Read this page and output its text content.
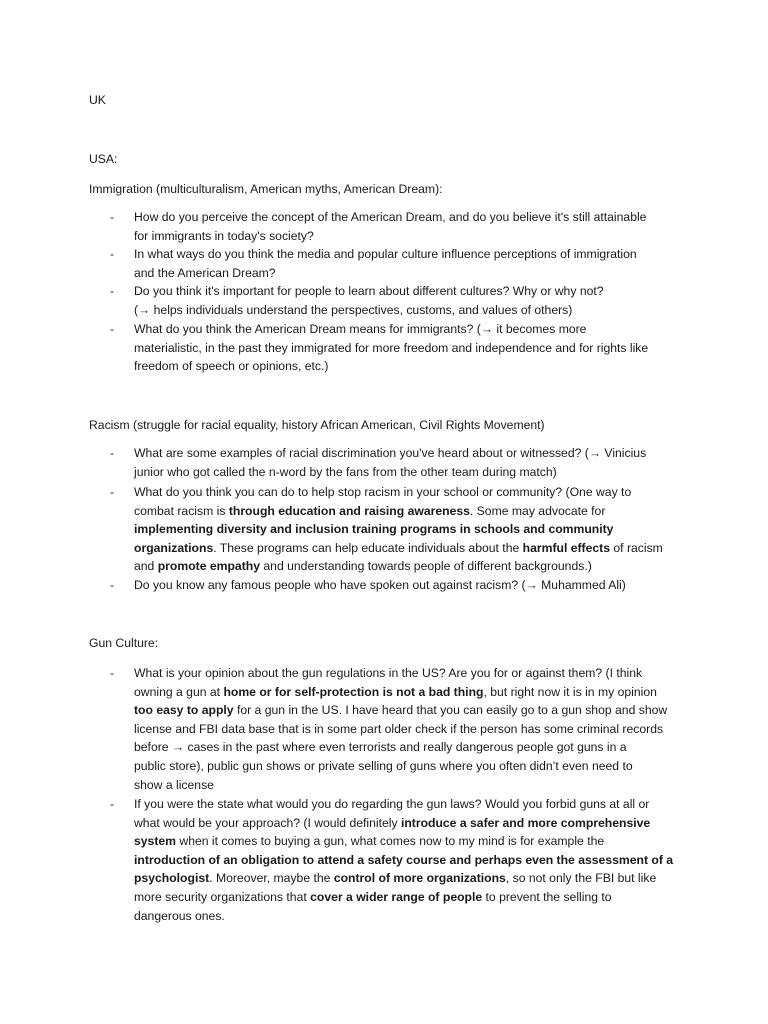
UK
USA:
Immigration (multiculturalism, American myths, American Dream):
- How do you perceive the concept of the American Dream, and do you believe it's still attainable
for immigrants in today's society?
- In what ways do you think the media and popular culture influence perceptions of immigration
and the American Dream?
- Do you think it's important for people to learn about different cultures? Why or why not?
(→ helps individuals understand the perspectives, customs, and values of others)
- What do you think the American Dream means for immigrants? (→ it becomes more
materialistic, in the past they immigrated for more freedom and independence and for rights like
freedom of speech or opinions, etc.)
Racism (struggle for racial equality, history African American, Civil Rights Movement)
- What are some examples of racial discrimination you've heard about or witnessed? (→ Vinicius
junior who got called the n-word by the fans from the other team during match)
- What do you think you can do to help stop racism in your school or community? (One way to
combat racism is through education and raising awareness. Some may advocate for
implementing diversity and inclusion training programs in schools and community
organizations. These programs can help educate individuals about the harmful effects of racism
and promote empathy and understanding towards people of different backgrounds.)
- Do you know any famous people who have spoken out against racism? (→ Muhammed Ali)
Gun Culture:
- What is your opinion about the gun regulations in the US? Are you for or against them? (I think
owning a gun at home or for self-protection is not a bad thing, but right now it is in my opinion
too easy to apply for a gun in the US. I have heard that you can easily go to a gun shop and show
license and FBI data base that is in some part older check if the person has some criminal records
before → cases in the past where even terrorists and really dangerous people got guns in a
public store), public gun shows or private selling of guns where you often didn’t even need to
show a license
- If you were the state what would you do regarding the gun laws? Would you forbid guns at all or
what would be your approach? (I would definitely introduce a safer and more comprehensive
system when it comes to buying a gun, what comes now to my mind is for example the
introduction of an obligation to attend a safety course and perhaps even the assessment of a
psychologist. Moreover, maybe the control of more organizations, so not only the FBI but like
more security organizations that cover a wider range of people to prevent the selling to
dangerous ones.
